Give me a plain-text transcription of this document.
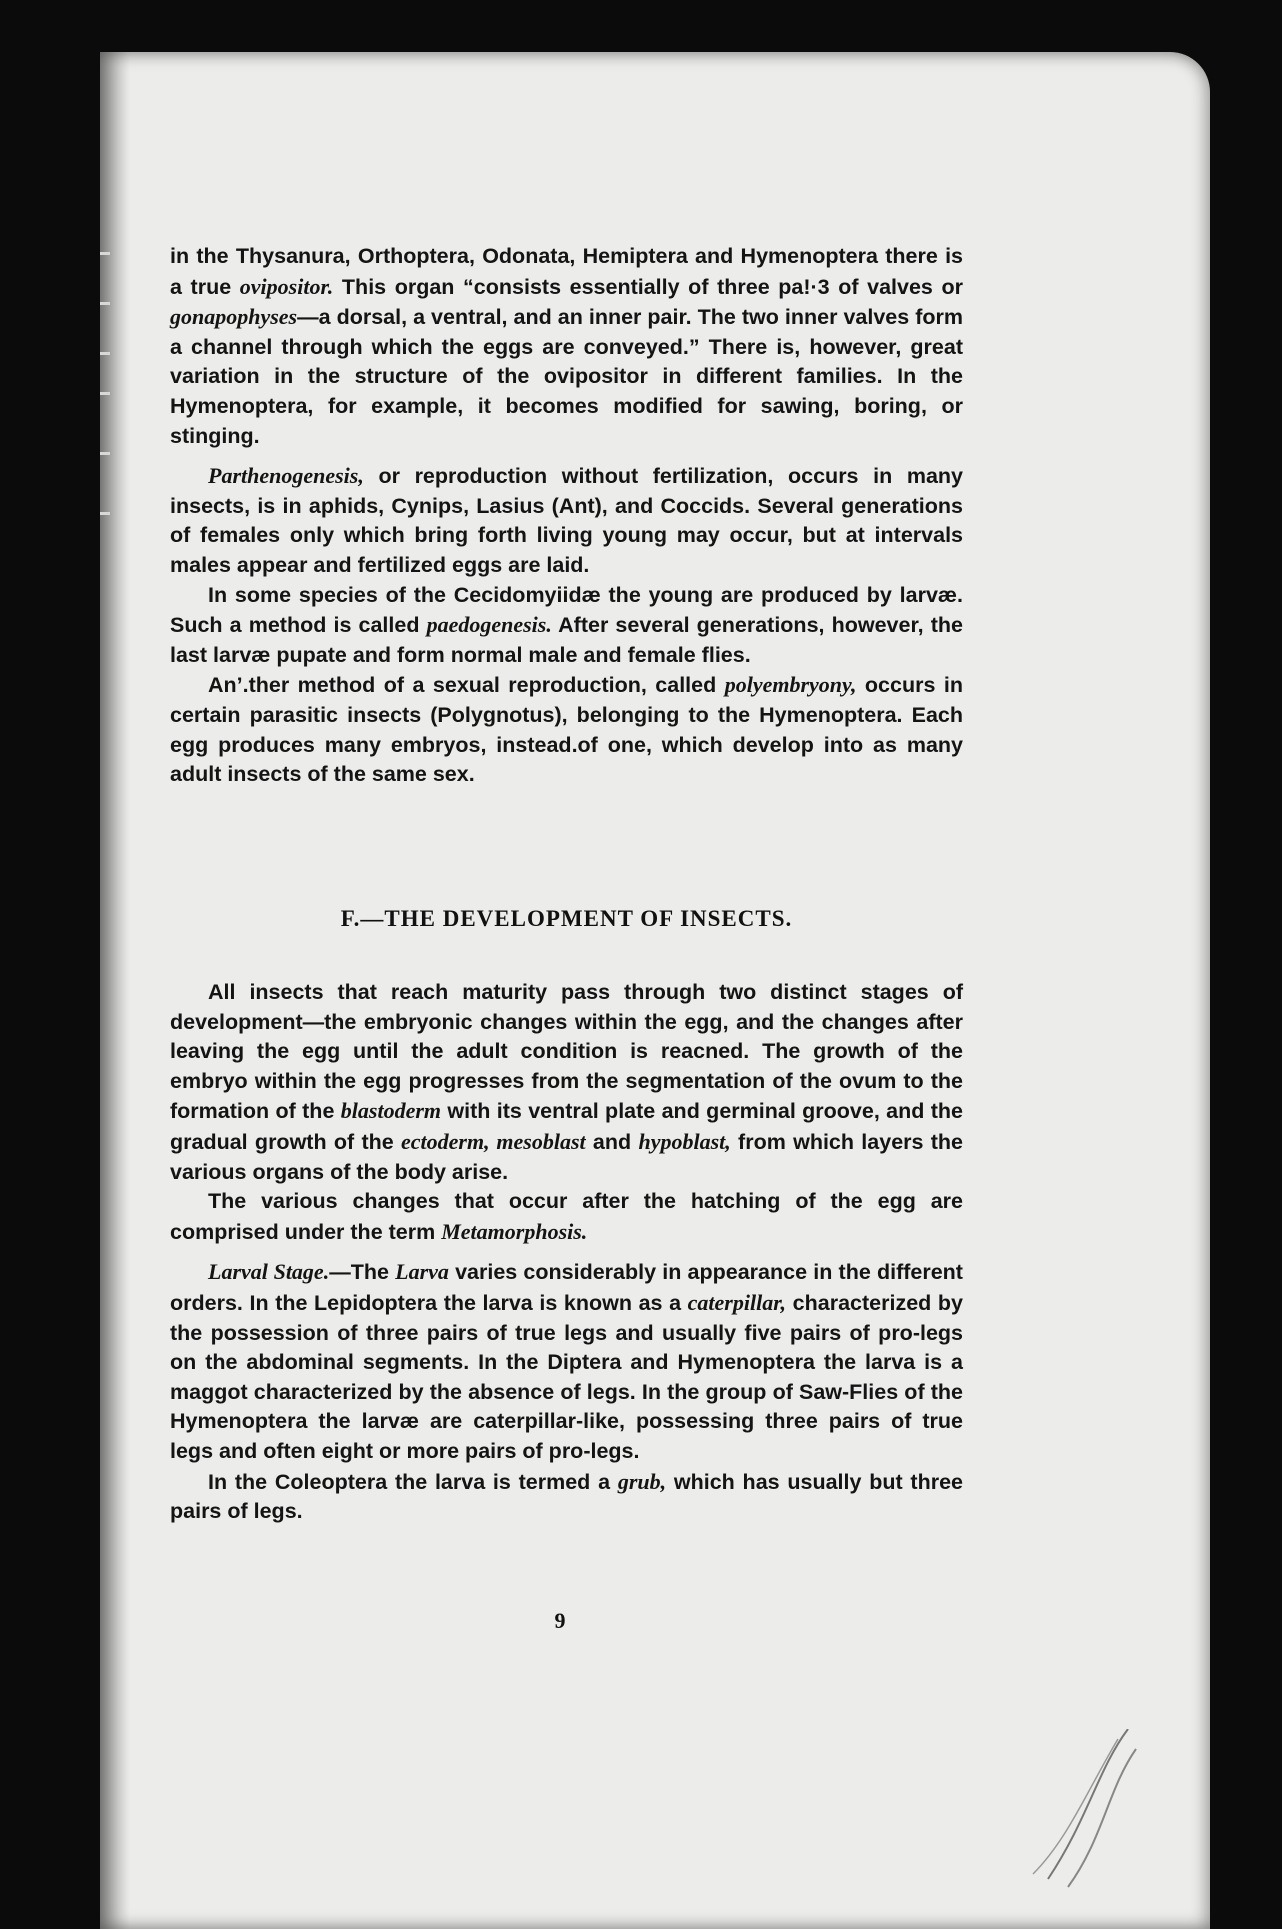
in the Thysanura, Orthoptera, Odonata, Hemiptera and Hymenoptera there is a true ovipositor. This organ “consists essentially of three pa!·3 of valves or gonapophyses—a dorsal, a ventral, and an inner pair. The two inner valves form a channel through which the eggs are conveyed.” There is, however, great variation in the structure of the ovipositor in different families. In the Hymenoptera, for example, it becomes modified for sawing, boring, or stinging.

Parthenogenesis, or reproduction without fertilization, occurs in many insects, is in aphids, Cynips, Lasius (Ant), and Coccids. Several generations of females only which bring forth living young may occur, but at intervals males appear and fertilized eggs are laid.

In some species of the Cecidomyiidæ the young are produced by larvæ. Such a method is called paedogenesis. After several generations, however, the last larvæ pupate and form normal male and female flies.

An’.ther method of a sexual reproduction, called polyembryony, occurs in certain parasitic insects (Polygnotus), belonging to the Hymenoptera. Each egg produces many embryos, instead.of one, which develop into as many adult insects of the same sex.

F.—THE DEVELOPMENT OF INSECTS.

All insects that reach maturity pass through two distinct stages of development—the embryonic changes within the egg, and the changes after leaving the egg until the adult condition is reacned. The growth of the embryo within the egg progresses from the segmentation of the ovum to the formation of the blastoderm with its ventral plate and germinal groove, and the gradual growth of the ectoderm, mesoblast and hypoblast, from which layers the various organs of the body arise.

The various changes that occur after the hatching of the egg are comprised under the term Metamorphosis.

Larval Stage.—The Larva varies considerably in appearance in the different orders. In the Lepidoptera the larva is known as a caterpillar, characterized by the possession of three pairs of true legs and usually five pairs of pro-legs on the abdominal segments. In the Diptera and Hymenoptera the larva is a maggot characterized by the absence of legs. In the group of Saw-Flies of the Hymenoptera the larvæ are caterpillar-like, possessing three pairs of true legs and often eight or more pairs of pro-legs.

In the Coleoptera the larva is termed a grub, which has usually but three pairs of legs.

9
